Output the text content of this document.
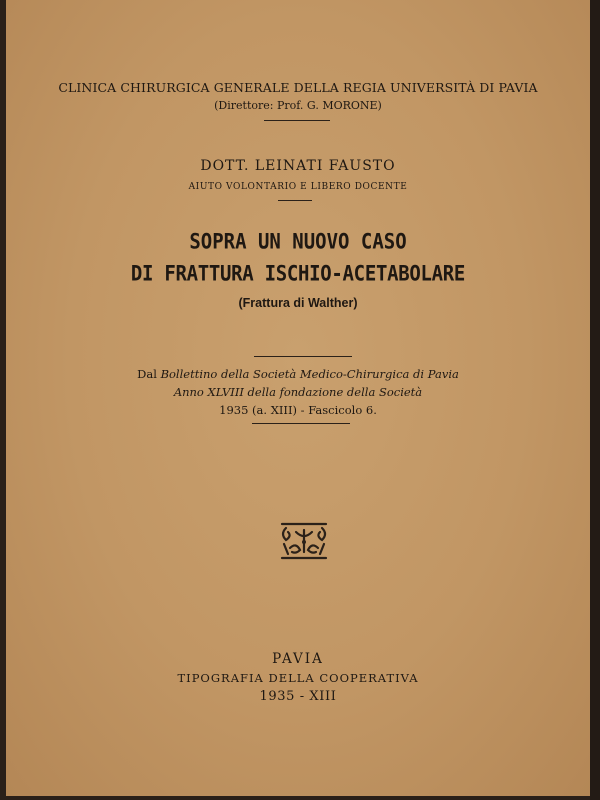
CLINICA CHIRURGICA GENERALE DELLA REGIA UNIVERSITÀ DI PAVIA
(Direttore: Prof. G. MORONE)
DOTT. LEINATI FAUSTO
AIUTO VOLONTARIO E LIBERO DOCENTE
SOPRA UN NUOVO CASO
DI FRATTURA ISCHIO-ACETABOLARE
(Frattura di Walther)
Dal Bollettino della Società Medico-Chirurgica di Pavia
Anno XLVIII della fondazione della Società
1935 (a. XIII) - Fascicolo 6.
PAVIA
TIPOGRAFIA DELLA COOPERATIVA
1935 - XIII
